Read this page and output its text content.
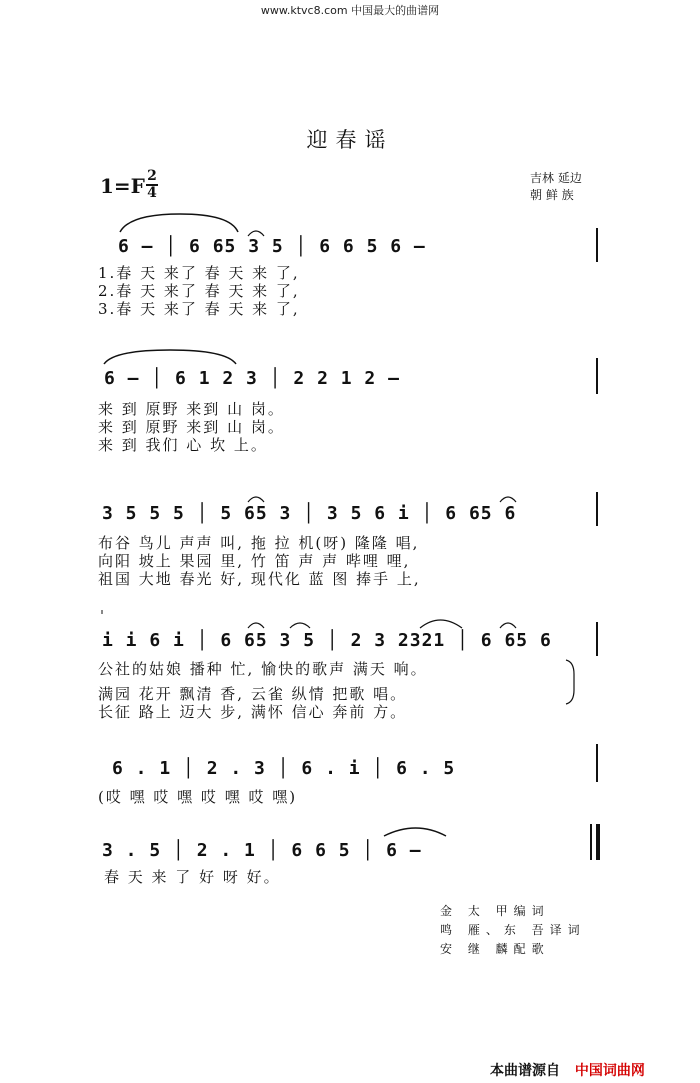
www.ktvc8.com 中国最大的曲谱网
迎春谣
1=F 2
4
吉林 延边
朝 鲜 族
6 – │ 6 65 3 5 │ 6 6 5 6 –
1.春 天 来了 春 天 来 了,
2.春 天 来了 春 天 来 了,
3.春 天 来了 春 天 来 了,
6 – │ 6 1 2 3 │ 2 2 1 2 –
来 到 原野 来到 山 岗。
来 到 原野 来到 山 岗。
来 到 我们 心 坎 上。
3 5 5 5 │ 5 65 3 │ 3 5 6 i │ 6 65 6
布谷 鸟儿 声声 叫, 拖 拉 机(呀) 隆隆 唱,
向阳 坡上 果园 里, 竹 笛 声 声 哔哩 哩,
祖国 大地 春光 好, 现代化 蓝 图 捧手 上,
i i 6 i │ 6 65 3 5 │ 2 3 2321 │ 6 65 6
公社的姑娘 播种 忙, 愉快的歌声 满天 响。
满园 花开 飘清 香, 云雀 纵情 把歌 唱。
长征 路上 迈大 步, 满怀 信心 奔前 方。
6 . 1 │ 2 . 3 │ 6 . i │ 6 . 5
(哎 嘿 哎 嘿 哎 嘿 哎 嘿)
3 . 5 │ 2 . 1 │ 6 6 5 │ 6 –
春 天 来 了 好 呀 好。
金 太 甲编词
鸣 雁、东 吾译词
安 继 麟配歌
本曲谱源自 中国词曲网
